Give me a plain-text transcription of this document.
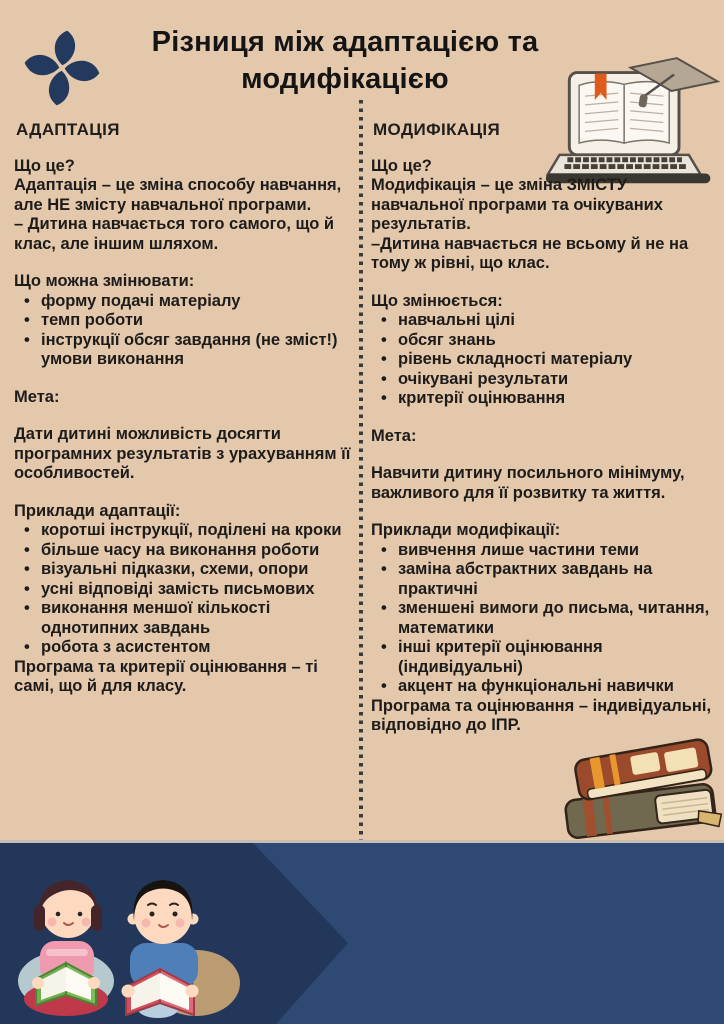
Різниця між адаптацією та
модифікацією
АДАПТАЦІЯ

Що це?

Адаптація – це зміна способу навчання, але НЕ змісту навчальної програми.

– Дитина навчається того самого, що й клас, але іншим шляхом.

Що можна змінювати:

• форму подачі матеріалу
• темп роботи
• інструкції обсяг завдання (не зміст!) умови виконання

Мета:

Дати дитині можливість досягти програмних результатів з урахуванням її особливостей.

Приклади адаптації:

• коротші інструкції, поділені на кроки
• більше часу на виконання роботи
• візуальні підказки, схеми, опори
• усні відповіді замість письмових
• виконання меншої кількості однотипних завдань
• робота з асистентом

Програма та критерії оцінювання – ті самі, що й для класу.

МОДИФІКАЦІЯ

Що це?

Модифікація – це зміна ЗМІСТУ навчальної програми та очікуваних результатів.

–Дитина навчається не всьому й не на тому ж рівні, що клас.

Що змінюється:

• навчальні цілі
• обсяг знань
• рівень складності матеріалу
• очікувані результати
• критерії оцінювання

Мета:

Навчити дитину посильного мінімуму, важливого для її розвитку та життя.

Приклади модифікації:

• вивчення лише частини теми
• заміна абстрактних завдань на практичні
• зменшені вимоги до письма, читання, математики
• інші критерії оцінювання (індивідуальні)
• акцент на функціональні навички

Програма та оцінювання – індивідуальні, відповідно до ІПР.
